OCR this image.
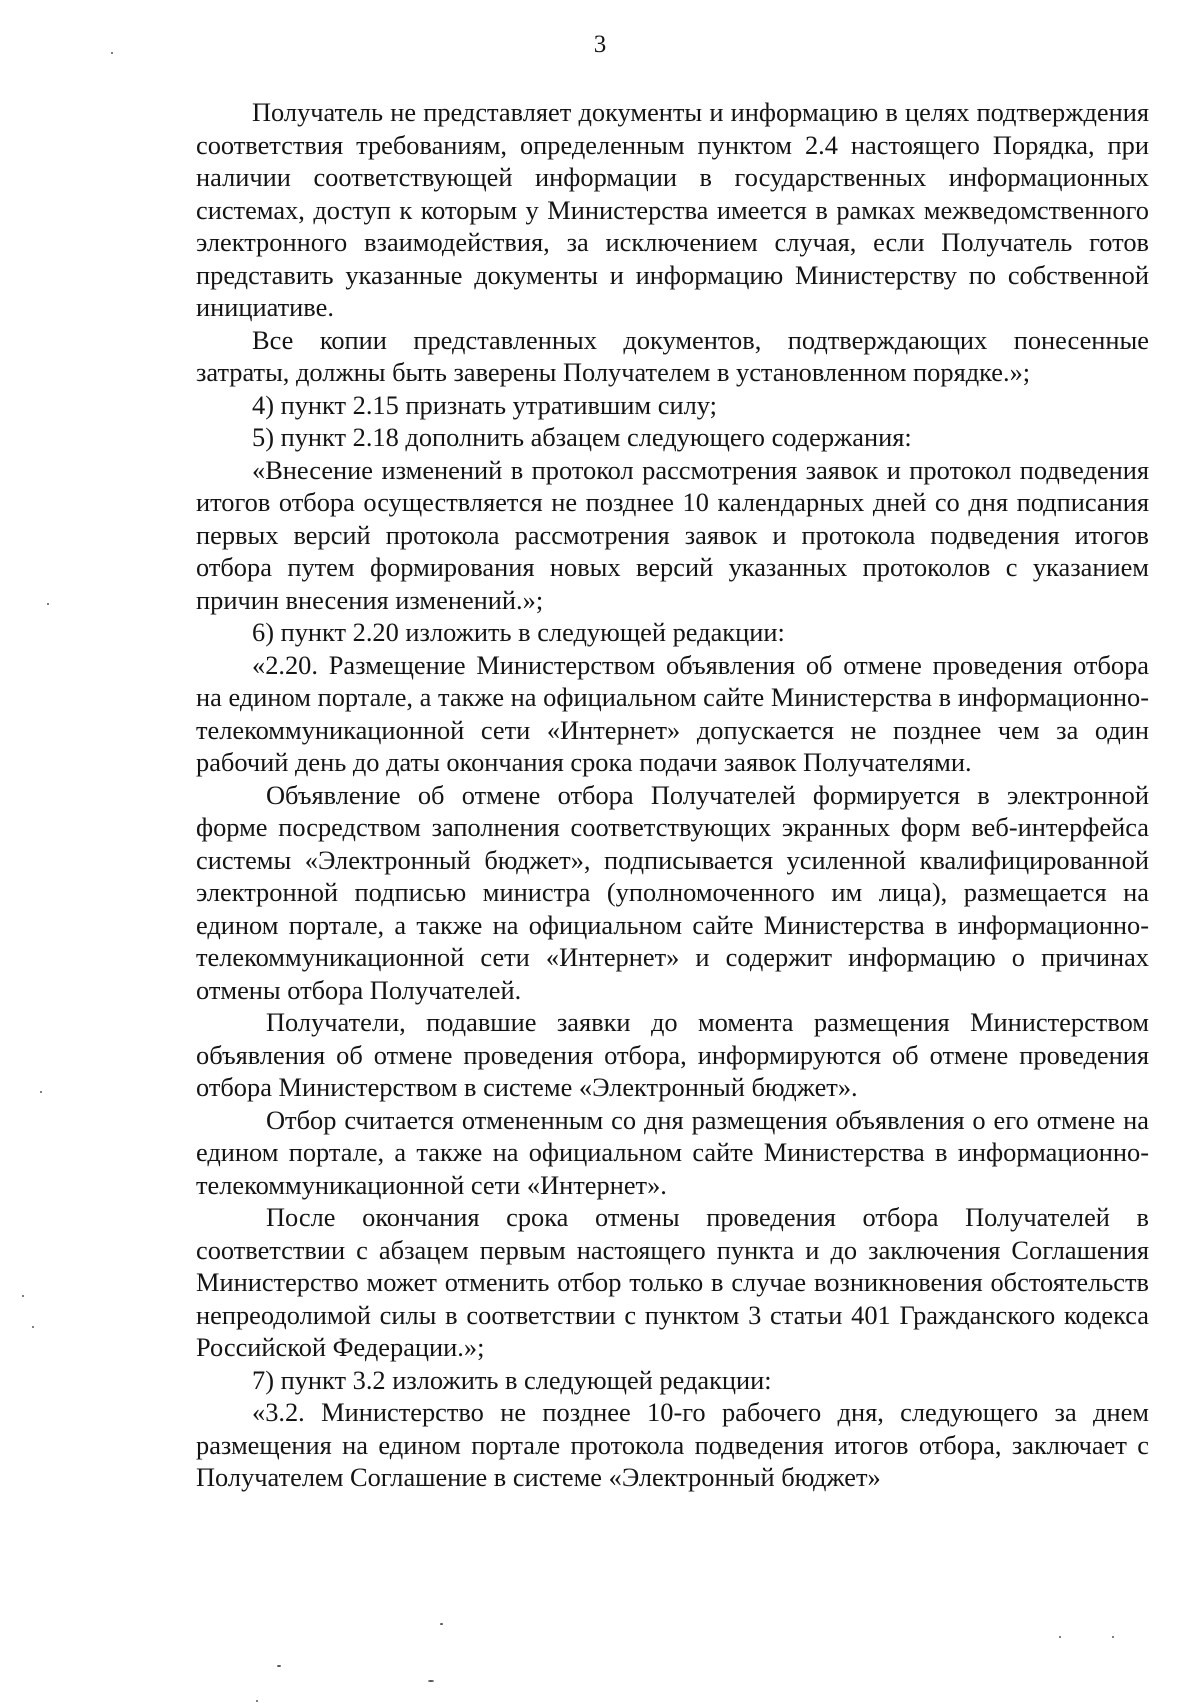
3

Получатель не представляет документы и информацию в целях подтверждения соответствия требованиям, определенным пунктом 2.4 настоящего Порядка, при наличии соответствующей информации в государственных информационных системах, доступ к которым у Министерства имеется в рамках межведомственного электронного взаимодействия, за исключением случая, если Получатель готов представить указанные документы и информацию Министерству по собственной инициативе.

Все копии представленных документов, подтверждающих понесенные затраты, должны быть заверены Получателем в установленном порядке.»;

4) пункт 2.15 признать утратившим силу;

5) пункт 2.18 дополнить абзацем следующего содержания:

«Внесение изменений в протокол рассмотрения заявок и протокол подведения итогов отбора осуществляется не позднее 10 календарных дней со дня подписания первых версий протокола рассмотрения заявок и протокола подведения итогов отбора путем формирования новых версий указанных протоколов с указанием причин внесения изменений.»;

6) пункт 2.20 изложить в следующей редакции:

«2.20. Размещение Министерством объявления об отмене проведения отбора на едином портале, а также на официальном сайте Министерства в информационно-телекоммуникационной сети «Интернет» допускается не позднее чем за один рабочий день до даты окончания срока подачи заявок Получателями.

Объявление об отмене отбора Получателей формируется в электронной форме посредством заполнения соответствующих экранных форм веб-интерфейса системы «Электронный бюджет», подписывается усиленной квалифицированной электронной подписью министра (уполномоченного им лица), размещается на едином портале, а также на официальном сайте Министерства в информационно-телекоммуникационной сети «Интернет» и содержит информацию о причинах отмены отбора Получателей.

Получатели, подавшие заявки до момента размещения Министерством объявления об отмене проведения отбора, информируются об отмене проведения отбора Министерством в системе «Электронный бюджет».

Отбор считается отмененным со дня размещения объявления о его отмене на едином портале, а также на официальном сайте Министерства в информационно-телекоммуникационной сети «Интернет».

После окончания срока отмены проведения отбора Получателей в соответствии с абзацем первым настоящего пункта и до заключения Соглашения Министерство может отменить отбор только в случае возникновения обстоятельств непреодолимой силы в соответствии с пунктом 3 статьи 401 Гражданского кодекса Российской Федерации.»;

7) пункт 3.2 изложить в следующей редакции:

«3.2. Министерство не позднее 10-го рабочего дня, следующего за днем размещения на едином портале протокола подведения итогов отбора, заключает с Получателем Соглашение в системе «Электронный бюджет»
